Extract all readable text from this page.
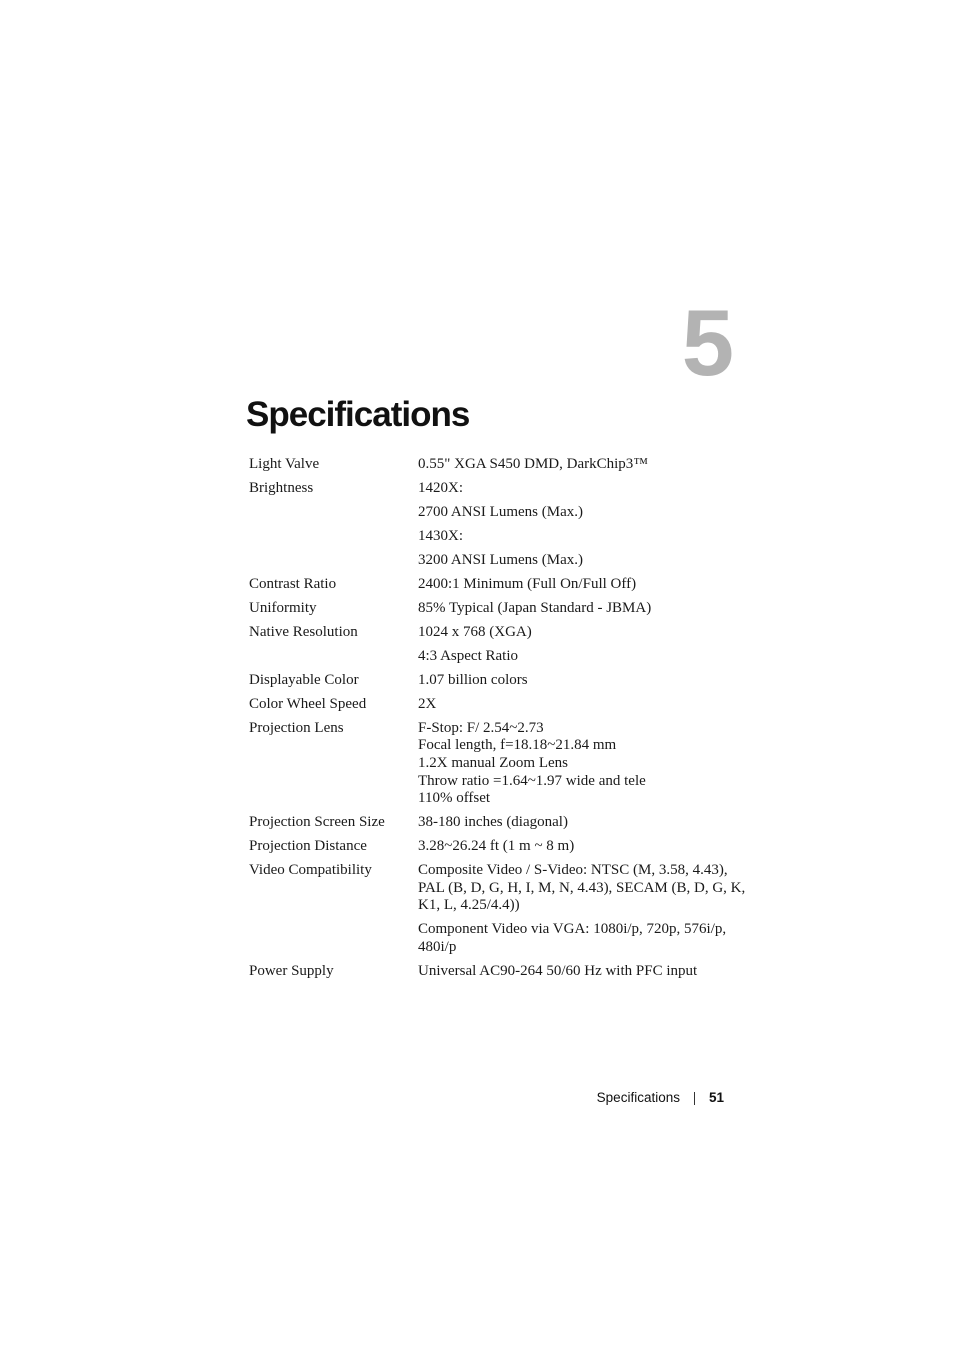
5
Specifications
Light Valve	0.55" XGA S450 DMD, DarkChip3™
Brightness	1420X:
2700 ANSI Lumens (Max.)
1430X:
3200 ANSI Lumens (Max.)
Contrast Ratio	2400:1 Minimum (Full On/Full Off)
Uniformity	85% Typical (Japan Standard - JBMA)
Native Resolution	1024 x 768 (XGA)
4:3 Aspect Ratio
Displayable Color	1.07 billion colors
Color Wheel Speed	2X
Projection Lens	F-Stop: F/ 2.54~2.73
Focal length, f=18.18~21.84 mm
1.2X manual Zoom Lens
Throw ratio =1.64~1.97 wide and tele
110% offset
Projection Screen Size	38-180 inches (diagonal)
Projection Distance	3.28~26.24 ft (1 m ~ 8 m)
Video Compatibility	Composite Video / S-Video: NTSC (M, 3.58, 4.43),
PAL (B, D, G, H, I, M, N, 4.43), SECAM (B, D, G, K,
K1, L, 4.25/4.4))
Component Video via VGA: 1080i/p, 720p, 576i/p,
480i/p
Power Supply	Universal AC90-264 50/60 Hz with PFC input
Specifications 51
